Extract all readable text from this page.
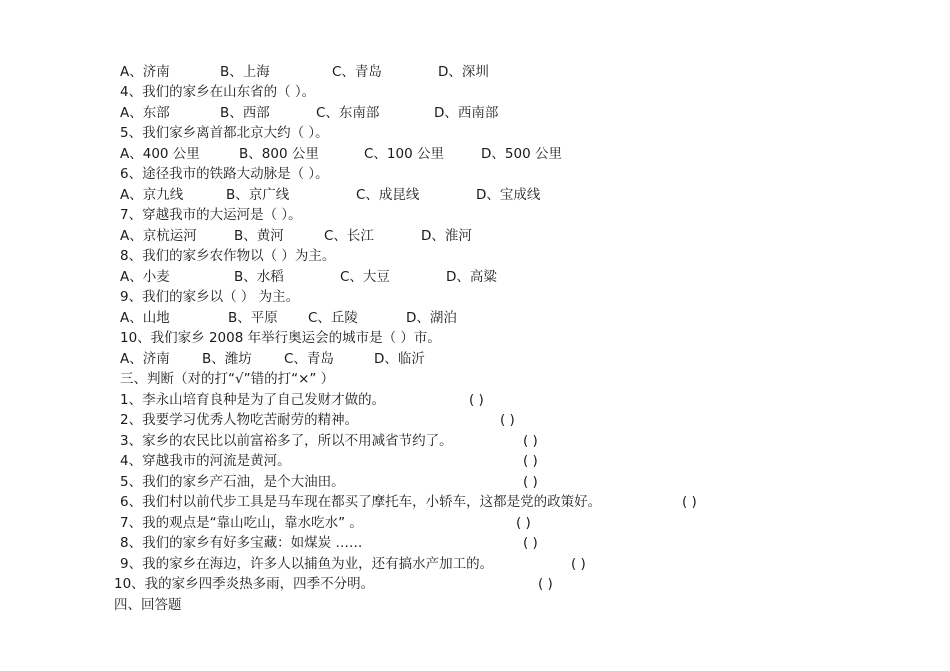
A、济南	B、上海	C、青岛	D、深圳
4、我们的家乡在山东省的（ ）。
A、东部	B、西部	C、东南部	D、西南部
5、我们家乡离首都北京大约（ ）。
A、400 公里	B、800 公里	C、100 公里	D、500 公里
6、途径我市的铁路大动脉是（ ）。
A、京九线	B、京广线	C、成昆线	D、宝成线
7、穿越我市的大运河是（ ）。
A、京杭运河	B、黄河	C、长江	D、淮河
8、我们的家乡农作物以（ ）为主。
A、小麦	B、水稻	C、大豆	D、高粱
9、我们的家乡以（ ） 为主。
A、山地	B、平原 C、丘陵	D、湖泊
10、我们家乡 2008 年举行奥运会的城市是（ ）市。
A、济南 B、潍坊 C、青岛	D、临沂
三、判断（对的打“√”错的打“×” ）
1、李永山培育良种是为了自己发财才做的。	( )
2、我要学习优秀人物吃苦耐劳的精神。	( )
3、家乡的农民比以前富裕多了，所以不用减省节约了。	( )
4、穿越我市的河流是黄河。	( )
5、我们的家乡产石油，是个大油田。	( )
6、我们村以前代步工具是马车现在都买了摩托车，小轿车，这都是党的政策好。	( )
7、我的观点是“靠山吃山，靠水吃水” 。	( )
8、我们的家乡有好多宝藏：如煤炭 ……	( )
9、我的家乡在海边，许多人以捕鱼为业，还有搞水产加工的。	( )
10、我的家乡四季炎热多雨，四季不分明。	( )
四、回答题
